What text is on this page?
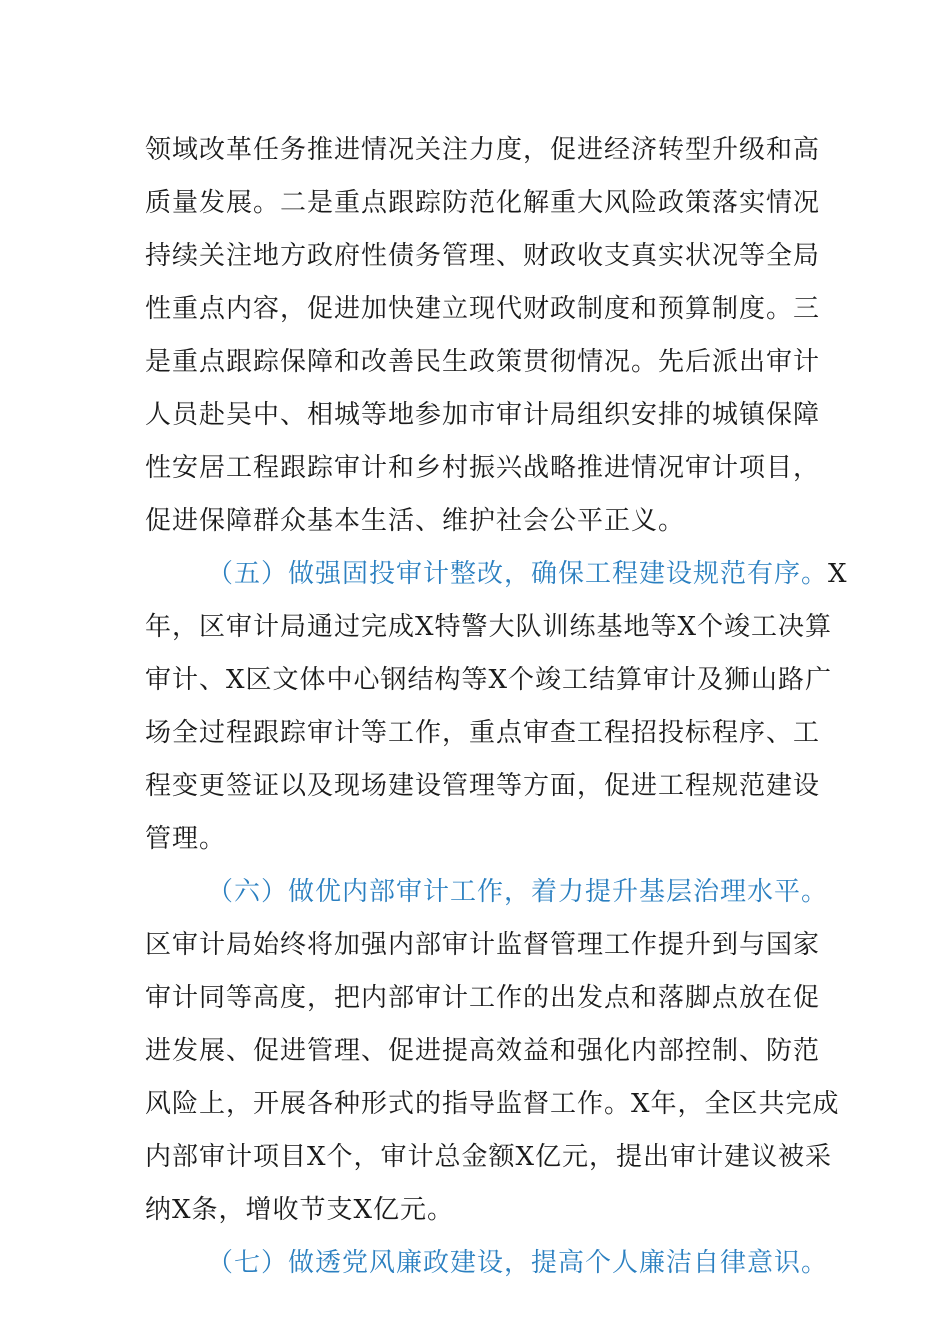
领域改革任务推进情况关注力度，促进经济转型升级和高
质量发展。二是重点跟踪防范化解重大风险政策落实情况
持续关注地方政府性债务管理、财政收支真实状况等全局
性重点内容，促进加快建立现代财政制度和预算制度。三
是重点跟踪保障和改善民生政策贯彻情况。先后派出审计
人员赴吴中、相城等地参加市审计局组织安排的城镇保障
性安居工程跟踪审计和乡村振兴战略推进情况审计项目，
促进保障群众基本生活、维护社会公平正义。
（五）做强固投审计整改，确保工程建设规范有序。X
年，区审计局通过完成X特警大队训练基地等X个竣工决算
审计、X区文体中心钢结构等X个竣工结算审计及狮山路广
场全过程跟踪审计等工作，重点审查工程招投标程序、工
程变更签证以及现场建设管理等方面，促进工程规范建设
管理。
（六）做优内部审计工作，着力提升基层治理水平。
区审计局始终将加强内部审计监督管理工作提升到与国家
审计同等高度，把内部审计工作的出发点和落脚点放在促
进发展、促进管理、促进提高效益和强化内部控制、防范
风险上，开展各种形式的指导监督工作。X年，全区共完成
内部审计项目X个，审计总金额X亿元，提出审计建议被采
纳X条，增收节支X亿元。
（七）做透党风廉政建设，提高个人廉洁自律意识。
